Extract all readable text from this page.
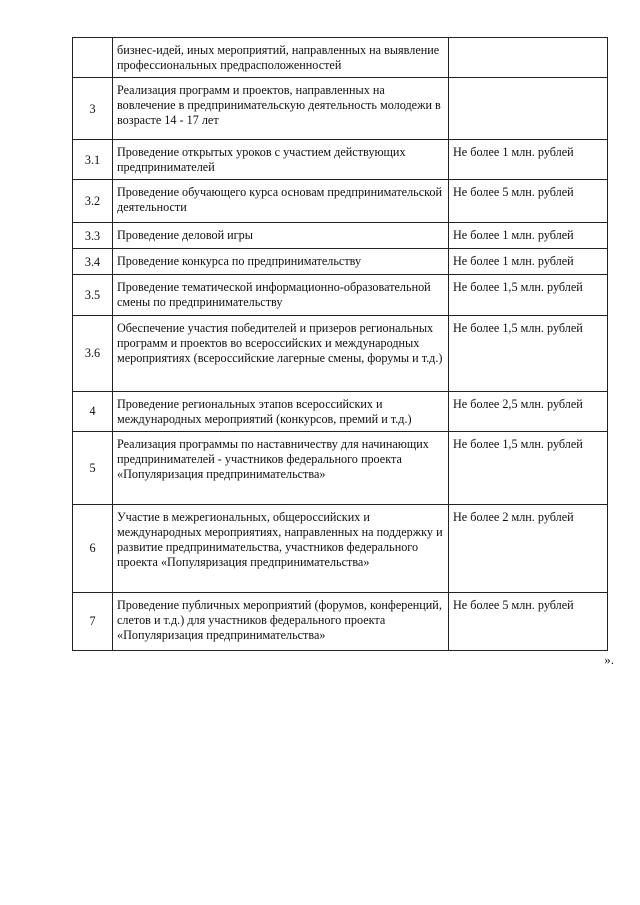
	бизнес-идей, иных мероприятий, направленных на выявление профессиональных предрасположенностей	
3	Реализация программ и проектов, направленных на вовлечение в предпринимательскую деятельность молодежи в возрасте 14 - 17 лет	
3.1	Проведение открытых уроков с участием действующих предпринимателей	Не более 1 млн. рублей
3.2	Проведение обучающего курса основам предпринимательской деятельности	Не более 5 млн. рублей
3.3	Проведение деловой игры	Не более 1 млн. рублей
3.4	Проведение конкурса по предпринимательству	Не более 1 млн. рублей
3.5	Проведение тематической информационно-образовательной смены по предпринимательству	Не более 1,5 млн. рублей
3.6	Обеспечение участия победителей и призеров региональных программ и проектов во всероссийских и международных мероприятиях (всероссийские лагерные смены, форумы и т.д.)	Не более 1,5 млн. рублей
4	Проведение региональных этапов всероссийских и международных мероприятий (конкурсов, премий и т.д.)	Не более 2,5 млн. рублей
5	Реализация программы по наставничеству для начинающих предпринимателей - участников федерального проекта «Популяризация предпринимательства»	Не более 1,5 млн. рублей
6	Участие в межрегиональных, общероссийских и международных мероприятиях, направленных на поддержку и развитие предпринимательства, участников федерального проекта «Популяризация предпринимательства»	Не более 2 млн. рублей
7	Проведение публичных мероприятий (форумов, конференций, слетов и т.д.) для участников федерального проекта «Популяризация предпринимательства»	Не более 5 млн. рублей
».
